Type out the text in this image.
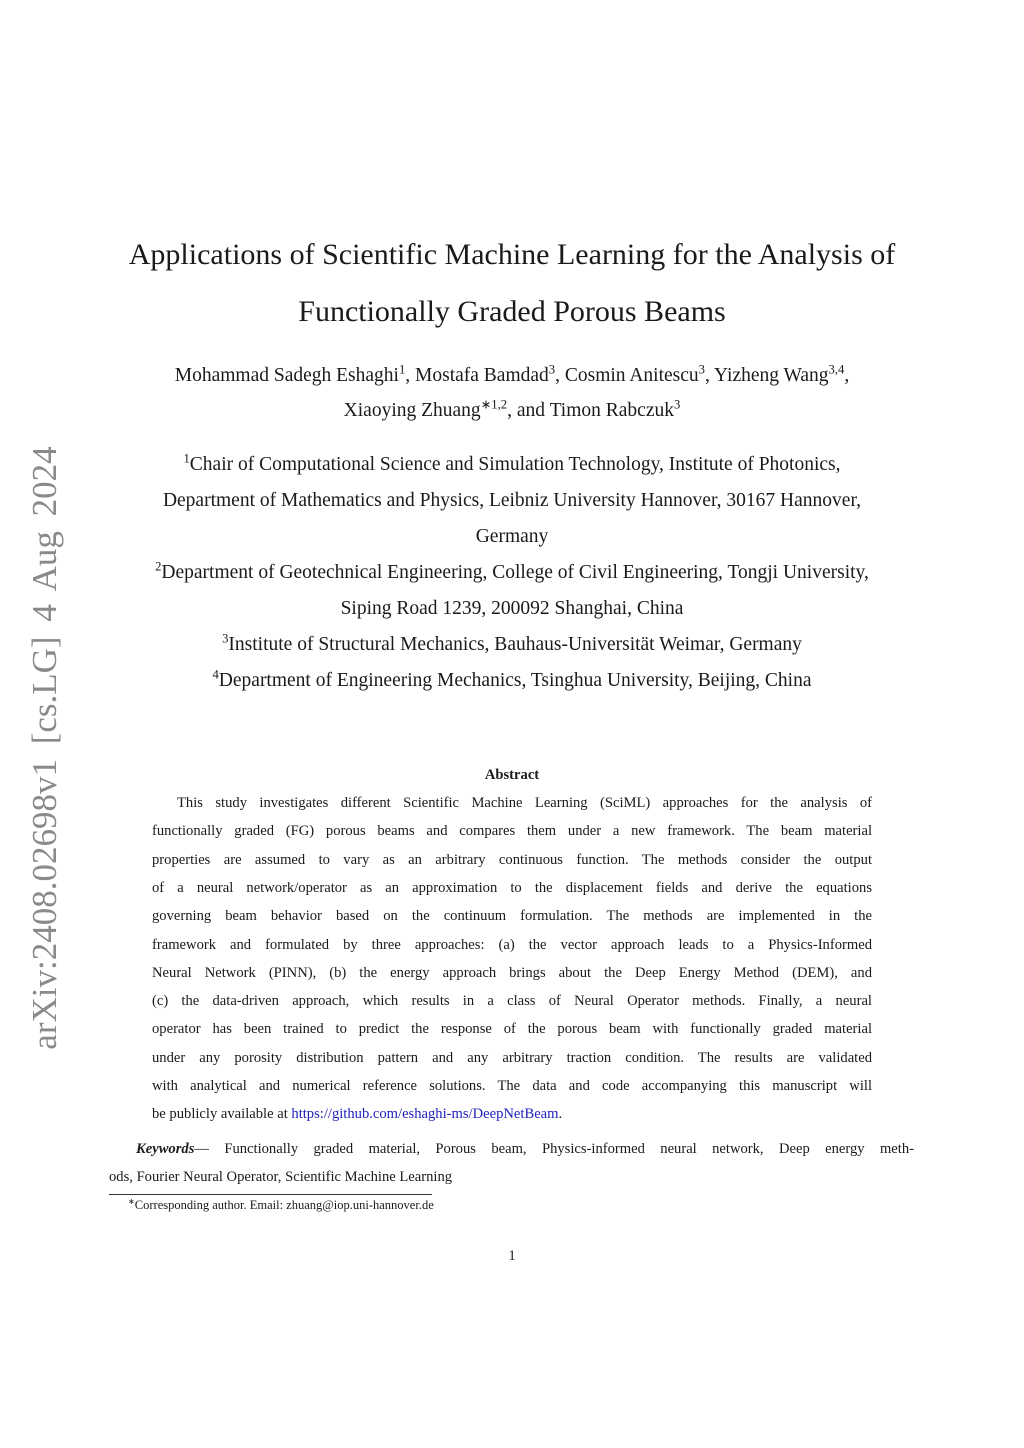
arXiv:2408.02698v1 [cs.LG] 4 Aug 2024
Applications of Scientific Machine Learning for the Analysis of
Functionally Graded Porous Beams
Mohammad Sadegh Eshaghi$^1$, Mostafa Bamdad$^3$, Cosmin Anitescu$^3$, Yizheng Wang$^{3,4}$,
Xiaoying Zhuang$^{∗1,2}$, and Timon Rabczuk$^3$
$^1$Chair of Computational Science and Simulation Technology, Institute of Photonics,
Department of Mathematics and Physics, Leibniz University Hannover, 30167 Hannover,
Germany
$^2$Department of Geotechnical Engineering, College of Civil Engineering, Tongji University,
Siping Road 1239, 200092 Shanghai, China
$^3$Institute of Structural Mechanics, Bauhaus-Universität Weimar, Germany
$^4$Department of Engineering Mechanics, Tsinghua University, Beijing, China
Abstract
This study investigates different Scientific Machine Learning (SciML) approaches for the analysis of
functionally graded (FG) porous beams and compares them under a new framework. The beam material
properties are assumed to vary as an arbitrary continuous function. The methods consider the output
of a neural network/operator as an approximation to the displacement fields and derive the equations
governing beam behavior based on the continuum formulation. The methods are implemented in the
framework and formulated by three approaches: (a) the vector approach leads to a Physics-Informed
Neural Network (PINN), (b) the energy approach brings about the Deep Energy Method (DEM), and
(c) the data-driven approach, which results in a class of Neural Operator methods. Finally, a neural
operator has been trained to predict the response of the porous beam with functionally graded material
under any porosity distribution pattern and any arbitrary traction condition. The results are validated
with analytical and numerical reference solutions. The data and code accompanying this manuscript will
be publicly available at https://github.com/eshaghi-ms/DeepNetBeam.
Keywords— Functionally graded material, Porous beam, Physics-informed neural network, Deep energy meth-
ods, Fourier Neural Operator, Scientific Machine Learning
∗Corresponding author. Email: zhuang@iop.uni-hannover.de
1
